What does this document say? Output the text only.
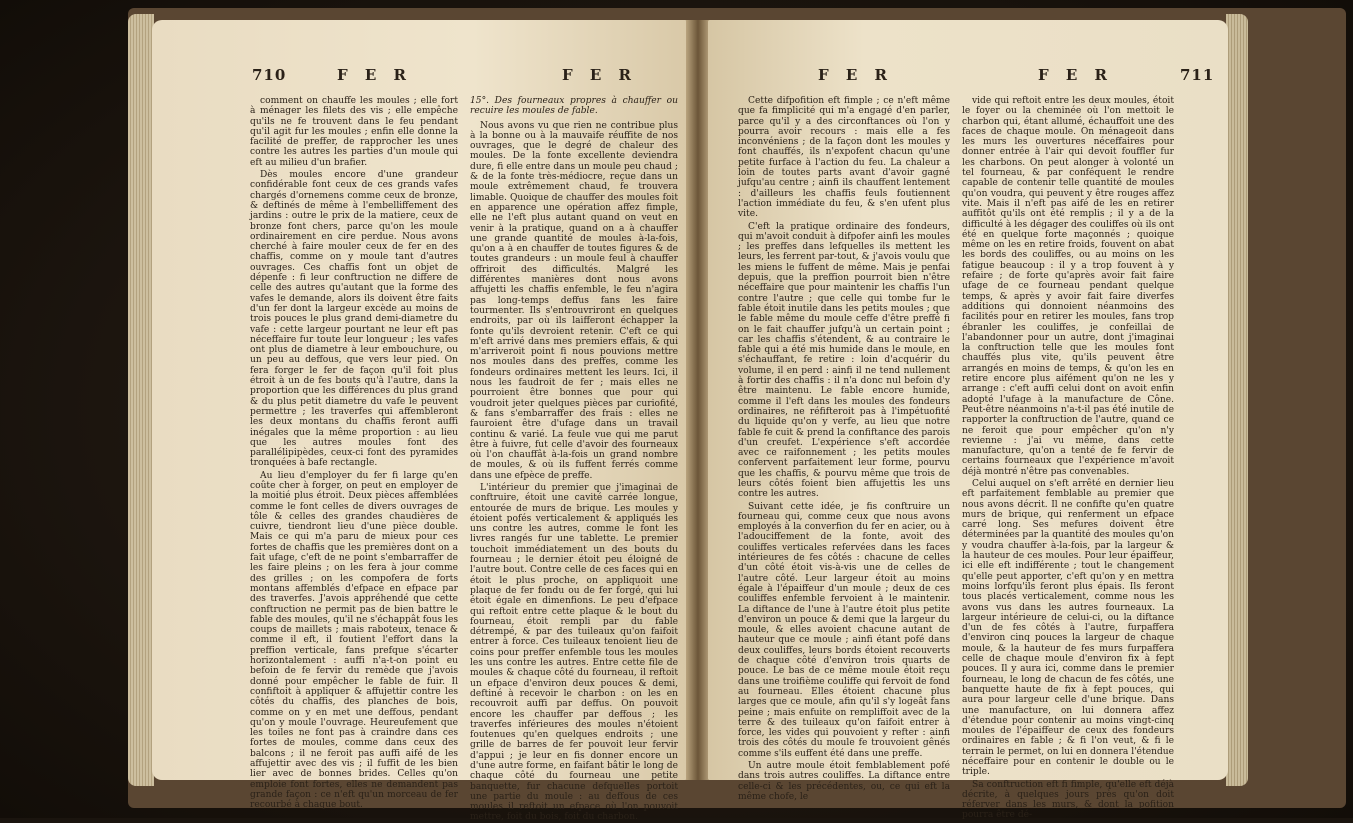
710	F E R	F E R

comment on chauffe les moules ; elle fort à ménager les filets des vis ; elle empêche qu'ils ne fe trouvent dans le feu pendant qu'il agit fur les moules ; enfin elle donne la facilité de preffer, de rapprocher les unes contre les autres les parties d'un moule qui eft au milieu d'un brafier.

Dès moules encore d'une grandeur confidérable font ceux de ces grands vafes chargés d'ornemens comme ceux de bronze, & deftinés de même à l'embelliffement des jardins : outre le prix de la matiere, ceux de bronze font chers, parce qu'on les moule ordinairement en cire perdue. Nous avons cherché à faire mouler ceux de fer en des chaffis, comme on y moule tant d'autres ouvrages. Ces chaffis font un objet de dépenfe : fi leur conftruction ne differe de celle des autres qu'autant que la forme des vafes le demande, alors ils doivent être faits d'un fer dont la largeur excède au moins de trois pouces le plus grand demi-diametre du vafe : cette largeur pourtant ne leur eft pas néceffaire fur toute leur longueur ; les vafes ont plus de diametre à leur embouchure, ou un peu au deffous, que vers leur pied. On fera forger le fer de façon qu'il foit plus étroit à un de fes bouts qu'à l'autre, dans la proportion que les différences du plus grand & du plus petit diametre du vafe le peuvent permettre ; les traverfes qui affembleront les deux montans du chaffis feront auffi inégales que la même proportion : au lieu que les autres moules font des parallélipipèdes, ceux-ci font des pyramides tronquées à bafe rectangle.

Au lieu d'employer du fer fi large qu'en coûte cher à forger, on peut en employer de la moitié plus étroit. Deux pièces affemblées comme le font celles de divers ouvrages de tôle & celles des grandes chaudières de cuivre, tiendront lieu d'une pièce double. Mais ce qui m'a paru de mieux pour ces fortes de chaffis que les premières dont on a fait ufage, c'eft de ne point s'embarraffer de les faire pleins ; on les fera à jour comme des grilles ; on les compofera de forts montans affemblés d'efpace en efpace par des traverfes. J'avois appréhendé que cette conftruction ne permit pas de bien battre le fable des moules, qu'il ne s'échappât fous les coups de maillets ; mais raboteux, tenace & comme il eft, il foutient l'effort dans la preffion verticale, fans prefque s'écarter horizontalement : auffi n'a-t-on point eu befoin de fe fervir du remède que j'avois donné pour empêcher le fable de fuir. Il confiftoit à appliquer & affujettir contre les côtés du chaffis, des planches de bois, comme on y en met une deffous, pendant qu'on y moule l'ouvrage. Heureufement que les toiles ne font pas à craindre dans ces fortes de moules, comme dans ceux des balcons ; il ne feroit pas auffi aifé de les affujettir avec des vis ; il fuffit de les bien lier avec de bonnes brides. Celles qu'on emploie font fortes, elles ne demandent pas grande façon : ce n'eft qu'un morceau de fer recourbé à chaque bout.

15°. Des fourneaux propres à chauffer ou recuire les moules de fable.

Nous avons vu que rien ne contribue plus à la bonne ou à la mauvaife réuffite de nos ouvrages, que le degré de chaleur des moules. De la fonte excellente deviendra dure, fi elle entre dans un moule peu chaud ; & de la fonte très-médiocre, reçue dans un moule extrêmement chaud, fe trouvera limable. Quoique de chauffer des moules foit en apparence une opération affez fimple, elle ne l'eft plus autant quand on veut en venir à la pratique, quand on a à chauffer une grande quantité de moules à-la-fois, qu'on a à en chauffer de toutes figures & de toutes grandeurs : un moule feul à chauffer offriroit des difficultés. Malgré les différentes manières dont nous avons affujetti les chaffis enfemble, le feu n'agira pas long-temps deffus fans les faire tourmenter. Ils s'entrouvriront en quelques endroits, par où ils laifferont échapper la fonte qu'ils devroient retenir. C'eft ce qui m'eft arrivé dans mes premiers effais, & qui m'arriveroit point fi nous pouvions mettre nos moules dans des preffes, comme les fondeurs ordinaires mettent les leurs. Ici, il nous les faudroit de fer ; mais elles ne pourroient être bonnes que pour qui voudroit jeter quelques pièces par curiofité, & fans s'embarraffer des frais : elles ne fauroient être d'ufage dans un travail continu & varié. La feule vue qui me parut être à fuivre, fut celle d'avoir des fourneaux où l'on chauffât à-la-fois un grand nombre de moules, & où ils fuffent ferrés comme dans une efpèce de preffe.

L'intérieur du premier que j'imaginai de conftruire, étoit une cavité carrée longue, entourée de murs de brique. Les moules y étoient pofés verticalement & appliqués les uns contre les autres, comme le font les livres rangés fur une tablette. Le premier touchoit immédiatement un des bouts du fourneau ; le dernier étoit peu éloigné de l'autre bout. Contre celle de ces faces qui en étoit le plus proche, on appliquoit une plaque de fer fondu ou de fer forgé, qui lui étoit égale en dimenfions. Le peu d'efpace qui reftoit entre cette plaque & le bout du fourneau, étoit rempli par du fable détrempé, & par des tuileaux qu'on faifoit entrer à force. Ces tuileaux tenoient lieu de coins pour preffer enfemble tous les moules les uns contre les autres. Entre cette file de moules & chaque côté du fourneau, il reftoit un efpace d'environ deux pouces & demi, deftiné à recevoir le charbon : on les en recouvroit auffi par deffus. On pouvoit encore les chauffer par deffous ; les traverfes inférieures des moules n'étoient foutenues qu'en quelques endroits ; une grille de barres de fer pouvoit leur fervir d'appui ; je leur en fis donner encore un d'une autre forme, en faifant bâtir le long de chaque côté du fourneau une petite banquette, fur chacune defquelles portoit une partie du moule : au deffous de ces moules il reftoit un efpace où l'on pouvoit mettre, foit du bois, foit du charbon.

F E R	F E R	711

Cette difpofition eft fimple ; ce n'eft même que fa fimplicité qui m'a engagé d'en parler, parce qu'il y a des circonftances où l'on y pourra avoir recours : mais elle a fes inconvéniens ; de la façon dont les moules y font chauffés, ils n'expofent chacun qu'une petite furface à l'action du feu. La chaleur a loin de toutes parts avant d'avoir gagné jufqu'au centre ; ainfi ils chauffent lentement : d'ailleurs les chaffis feuls foutiennent l'action immédiate du feu, & s'en ufent plus vite.

C'eft la pratique ordinaire des fondeurs, qui m'avoit conduit à difpofer ainfi les moules ; les preffes dans lefquelles ils mettent les leurs, les ferrent par-tout, & j'avois voulu que les miens le fuffent de même. Mais je penfai depuis, que la preffion pourroit bien n'être néceffaire que pour maintenir les chaffis l'un contre l'autre ; que celle qui tombe fur le fable étoit inutile dans les petits moules ; que le fable même du moule ceffe d'être preffé fi on le fait chauffer jufqu'à un certain point ; car les chaffis s'étendent, & au contraire le fable qui a été mis humide dans le moule, en s'échauffant, fe retire : loin d'acquérir du volume, il en perd : ainfi il ne tend nullement à fortir des chaffis : il n'a donc nul befoin d'y être maintenu. Le fable encore humide, comme il l'eft dans les moules des fondeurs ordinaires, ne réfifteroit pas à l'impétuofité du liquide qu'on y verfe, au lieu que notre fable fe cuit & prend la confiftance des parois d'un creufet. L'expérience s'eft accordée avec ce raifonnement ; les petits moules confervent parfaitement leur forme, pourvu que les chaffis, & pourvu même que trois de leurs côtés foient bien affujettis les uns contre les autres.

Suivant cette idée, je fis conftruire un fourneau qui, comme ceux que nous avons employés à la converfion du fer en acier, ou à l'adouciffement de la fonte, avoit des couliffes verticales refervées dans les faces intérieures de fes côtés : chacune de celles d'un côté étoit vis-à-vis une de celles de l'autre côté. Leur largeur étoit au moins égale à l'épaiffeur d'un moule ; deux de ces couliffes enfemble fervoient à le maintenir. La diftance de l'une à l'autre étoit plus petite d'environ un pouce & demi que la largeur du moule, & elles avoient chacune autant de hauteur que ce moule ; ainfi étant pofé dans deux couliffes, leurs bords étoient recouverts de chaque côté d'environ trois quarts de pouce. Le bas de ce même moule étoit reçu dans une troifième couliffe qui fervoit de fond au fourneau. Elles étoient chacune plus larges que ce moule, afin qu'il s'y logeât fans peine ; mais enfuite on rempliffoit avec de la terre & des tuileaux qu'on faifoit entrer à force, les vides qui pouvoient y refter : ainfi trois des côtés du moule fe trouvoient gênés comme s'ils euffent été dans une preffe.

Un autre moule étoit femblablement pofé dans trois autres couliffes. La diftance entre celle-ci & les précédentes, ou, ce qui eft la même chofe, le

vide qui reftoit entre les deux moules, étoit le foyer ou la cheminée où l'on mettoit le charbon qui, étant allumé, échauffoit une des faces de chaque moule. On ménageoit dans les murs les ouvertures néceffaires pour donner entrée à l'air qui devoit fouffler fur les charbons. On peut alonger à volonté un tel fourneau, & par conféquent le rendre capable de contenir telle quantité de moules qu'on voudra, qui peuvent y être rouges affez vite. Mais il n'eft pas aifé de les en retirer auffitôt qu'ils ont été remplis ; il y a de la difficulté à les dégager des couliffes où ils ont été en quelque forte maçonnés ; quoique même on les en retire froids, fouvent on abat les bords des couliffes, ou au moins on les fatigue beaucoup : il y a trop fouvent à y refaire ; de forte qu'après avoir fait faire ufage de ce fourneau pendant quelque temps, & après y avoir fait faire diverfes additions qui donnoient néanmoins des facilités pour en retirer les moules, fans trop ébranler les couliffes, je confeillai de l'abandonner pour un autre, dont j'imaginai la conftruction telle que les moules font chauffés plus vite, qu'ils peuvent être arrangés en moins de temps, & qu'on les en retire encore plus aifément qu'on ne les y arrange : c'eft auffi celui dont on avoit enfin adopté l'ufage à la manufacture de Cône. Peut-être néanmoins n'a-t-il pas été inutile de rapporter la conftruction de l'autre, quand ce ne feroit que pour empêcher qu'on n'y revienne : j'ai vu même, dans cette manufacture, qu'on a tenté de fe fervir de certains fourneaux que l'expérience m'avoit déjà montré n'être pas convenables.

Celui auquel on s'eft arrêté en dernier lieu eft parfaitement femblable au premier que nous avons décrit. Il ne confifte qu'en quatre murs de brique, qui renferment un efpace carré long. Ses mefures doivent être déterminées par la quantité des moules qu'on y voudra chauffer à-la-fois, par la largeur & la hauteur de ces moules. Pour leur épaiffeur, ici elle eft indifférente ; tout le changement qu'elle peut apporter, c'eft qu'on y en mettra moins lorfqu'ils feront plus épais. Ils feront tous placés verticalement, comme nous les avons vus dans les autres fourneaux. La largeur intérieure de celui-ci, ou la diftance d'un de fes côtés à l'autre, furpaffera d'environ cinq pouces la largeur de chaque moule, & la hauteur de fes murs furpaffera celle de chaque moule d'environ fix à fept pouces. Il y aura ici, comme dans le premier fourneau, le long de chacun de fes côtés, une banquette haute de fix à fept pouces, qui aura pour largeur celle d'une brique. Dans une manufacture, on lui donnera affez d'étendue pour contenir au moins vingt-cinq moules de l'épaiffeur de ceux des fondeurs ordinaires en fable ; & fi l'on veut, & fi le terrain le permet, on lui en donnera l'étendue néceffaire pour en contenir le double ou le triple.

Sa conftruction eft fi fimple, qu'elle eft déjà décrite, à quelques jours près qu'on doit réferver dans les murs, & dont la pofition pourra être dé-
